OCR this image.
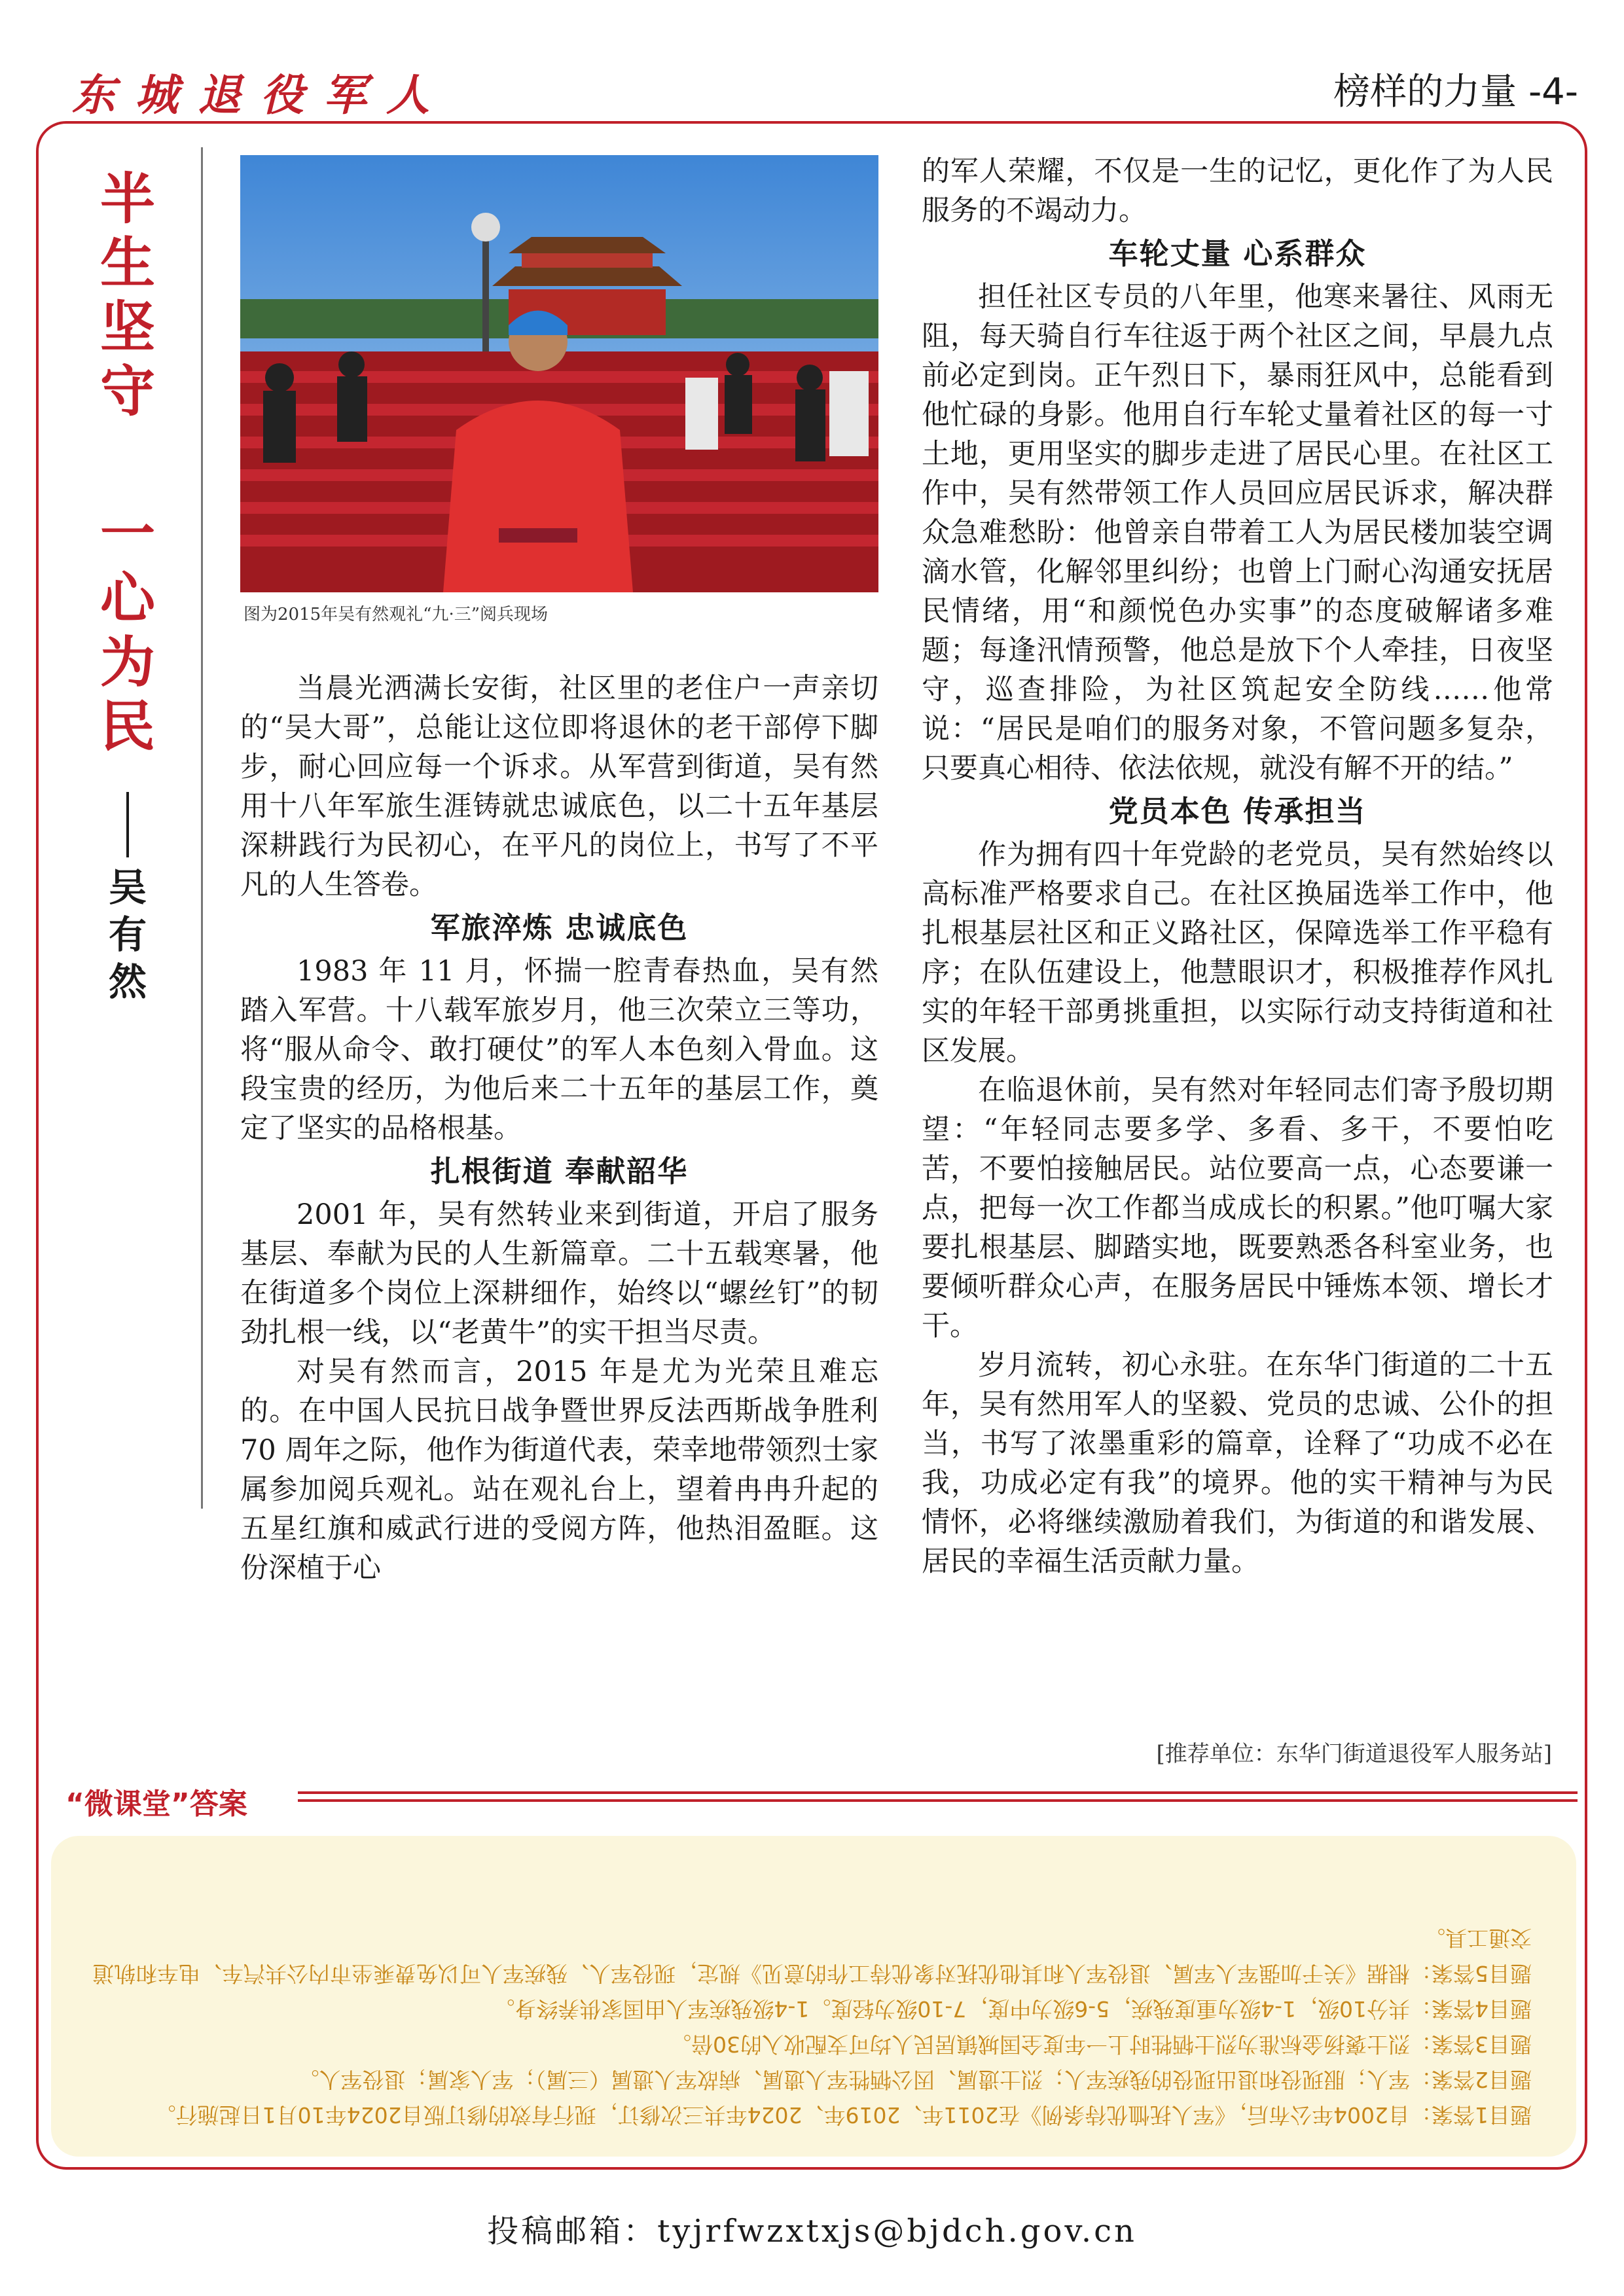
东城退役军人	榜样的力量 -4-
半
生
坚
守
一
心
为
民
吴
有
然
图为2015年吴有然观礼“九·三”阅兵现场

当晨光洒满长安街，社区里的老住户一声亲切的“吴大哥”，总能让这位即将退休的老干部停下脚步，耐心回应每一个诉求。从军营到街道，吴有然用十八年军旅生涯铸就忠诚底色，以二十五年基层深耕践行为民初心，在平凡的岗位上，书写了不平凡的人生答卷。

军旅淬炼 忠诚底色

1983 年 11 月，怀揣一腔青春热血，吴有然踏入军营。十八载军旅岁月，他三次荣立三等功，将“服从命令、敢打硬仗”的军人本色刻入骨血。这段宝贵的经历，为他后来二十五年的基层工作，奠定了坚实的品格根基。

扎根街道 奉献韶华

2001 年，吴有然转业来到街道，开启了服务基层、奉献为民的人生新篇章。二十五载寒暑，他在街道多个岗位上深耕细作，始终以“螺丝钉”的韧劲扎根一线，以“老黄牛”的实干担当尽责。

对吴有然而言，2015 年是尤为光荣且难忘的。在中国人民抗日战争暨世界反法西斯战争胜利 70 周年之际，他作为街道代表，荣幸地带领烈士家属参加阅兵观礼。站在观礼台上，望着冉冉升起的五星红旗和威武行进的受阅方阵，他热泪盈眶。这份深植于心

的军人荣耀，不仅是一生的记忆，更化作了为人民服务的不竭动力。

车轮丈量 心系群众

担任社区专员的八年里，他寒来暑往、风雨无阻，每天骑自行车往返于两个社区之间，早晨九点前必定到岗。正午烈日下，暴雨狂风中，总能看到他忙碌的身影。他用自行车轮丈量着社区的每一寸土地，更用坚实的脚步走进了居民心里。在社区工作中，吴有然带领工作人员回应居民诉求，解决群众急难愁盼：他曾亲自带着工人为居民楼加装空调滴水管，化解邻里纠纷；也曾上门耐心沟通安抚居民情绪，用“和颜悦色办实事”的态度破解诸多难题；每逢汛情预警，他总是放下个人牵挂，日夜坚守，巡查排险，为社区筑起安全防线……他常说：“居民是咱们的服务对象，不管问题多复杂，只要真心相待、依法依规，就没有解不开的结。”

党员本色 传承担当

作为拥有四十年党龄的老党员，吴有然始终以高标准严格要求自己。在社区换届选举工作中，他扎根基层社区和正义路社区，保障选举工作平稳有序；在队伍建设上，他慧眼识才，积极推荐作风扎实的年轻干部勇挑重担，以实际行动支持街道和社区发展。

在临退休前，吴有然对年轻同志们寄予殷切期望：“年轻同志要多学、多看、多干，不要怕吃苦，不要怕接触居民。站位要高一点，心态要谦一点，把每一次工作都当成成长的积累。”他叮嘱大家要扎根基层、脚踏实地，既要熟悉各科室业务，也要倾听群众心声，在服务居民中锤炼本领、增长才干。

岁月流转，初心永驻。在东华门街道的二十五年，吴有然用军人的坚毅、党员的忠诚、公仆的担当，书写了浓墨重彩的篇章，诠释了“功成不必在我，功成必定有我”的境界。他的实干精神与为民情怀，必将继续激励着我们，为街道的和谐发展、居民的幸福生活贡献力量。

[推荐单位：东华门街道退役军人服务站]
“微课堂”答案

题目1答案：自2004年公布后，《军人抚恤优待条例》在2011年、2019年、2024年共三次修订，现行有效的修订版自2024年10月1日起施行。

题目2答案：军人；服现役和退出现役的残疾军人；烈士遗属、因公牺牲军人遗属、病故军人遗属（三属）；军人家属；退役军人。

题目3答案：烈士褒扬金标准为烈士牺牲时上一年度全国城镇居民人均可支配收入的30倍。

题目4答案：共分10级，1-4级为重度残疾，5-6级为中度，7-10级为轻度。1-4级残疾军人由国家供养终身。

题目5答案：根据《关于加强军人军属、退役军人和其他优抚对象优待工作的意见》规定，现役军人、残疾军人可以免费乘坐市内公共汽车、电车和轨道交通工具。

投稿邮箱：tyjrfwzxtxjs@bjdch.gov.cn
